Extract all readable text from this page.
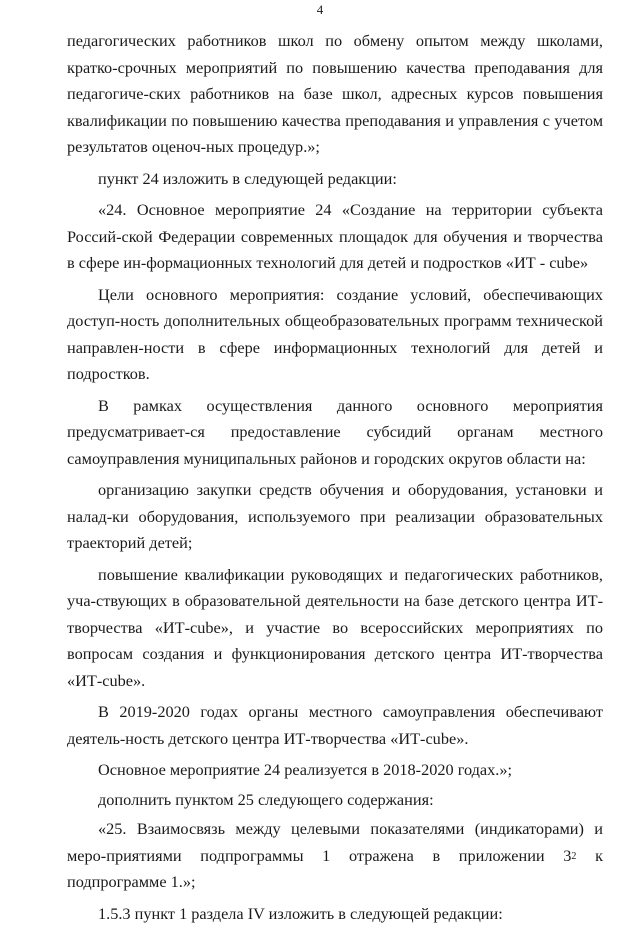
4

педагогических работников школ по обмену опытом между школами, кратко-срочных мероприятий по повышению качества преподавания для педагогиче-ских работников на базе школ, адресных курсов повышения квалификации по повышению качества преподавания и управления с учетом результатов оценоч-ных процедур.»;

пункт 24 изложить в следующей редакции:

«24. Основное мероприятие 24 «Создание на территории субъекта Россий-ской Федерации современных площадок для обучения и творчества в сфере ин-формационных технологий для детей и подростков «ИТ - cube»

Цели основного мероприятия: создание условий, обеспечивающих доступ-ность дополнительных общеобразовательных программ технической направлен-ности в сфере информационных технологий для детей и подростков.

В рамках осуществления данного основного мероприятия предусматривает-ся предоставление субсидий органам местного самоуправления муниципальных районов и городских округов области на:

организацию закупки средств обучения и оборудования, установки и налад-ки оборудования, используемого при реализации образовательных траекторий детей;

повышение квалификации руководящих и педагогических работников, уча-ствующих в образовательной деятельности на базе детского центра ИТ-творчества «ИТ-cube», и участие во всероссийских мероприятиях по вопросам создания и функционирования детского центра ИТ-творчества «ИТ-cube».

В 2019-2020 годах органы местного самоуправления обеспечивают деятель-ность детского центра ИТ-творчества «ИТ-cube».

Основное мероприятие 24 реализуется в 2018-2020 годах.»;

дополнить пунктом 25 следующего содержания:

«25. Взаимосвязь между целевыми показателями (индикаторами) и меро-приятиями подпрограммы 1 отражена в приложении $3^2$ к подпрограмме 1.»;

1.5.3 пункт 1 раздела IV изложить в следующей редакции:
